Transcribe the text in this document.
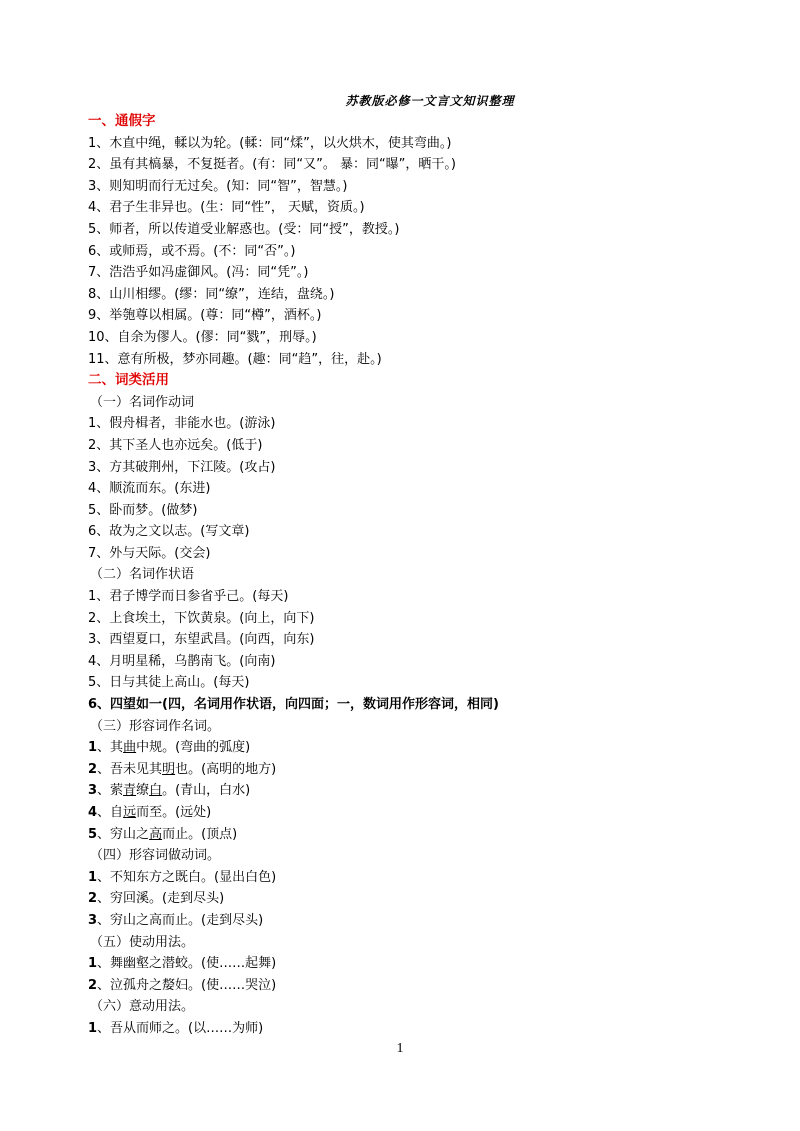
苏教版必修一文言文知识整理
一、通假字
1、木直中绳，輮以为轮。(輮：同“煣”，以火烘木，使其弯曲。)
2、虽有其槁暴，不复挺者。(有：同“又”。 暴：同“曝”，晒干。)
3、则知明而行无过矣。(知：同“智”，智慧。)
4、君子生非异也。(生：同“性”， 天赋，资质。)
5、师者，所以传道受业解惑也。(受：同“授”，教授。)
6、或师焉，或不焉。(不：同“否”。)
7、浩浩乎如冯虚御风。(冯：同“凭”。)
8、山川相缪。(缪：同“缭”，连结，盘绕。)
9、举匏尊以相属。(尊：同“樽”，酒杯。)
10、自余为僇人。(僇：同“戮”，刑辱。)
11、意有所极，梦亦同趣。(趣：同“趋”，往，赴。)
二、词类活用
（一）名词作动词
1、假舟楫者，非能水也。(游泳)
2、其下圣人也亦远矣。(低于)
3、方其破荆州，下江陵。(攻占)
4、顺流而东。(东进)
5、卧而梦。(做梦)
6、故为之文以志。(写文章)
7、外与天际。(交会)
（二）名词作状语
1、君子博学而日参省乎己。(每天)
2、上食埃土，下饮黄泉。(向上，向下)
3、西望夏口，东望武昌。(向西，向东)
4、月明星稀，乌鹊南飞。(向南)
5、日与其徒上高山。(每天)
6、四望如一(四，名词用作状语，向四面；一，数词用作形容词，相同)
（三）形容词作名词。
1、其曲中规。(弯曲的弧度)
2、吾未见其明也。(高明的地方)
3、萦青缭白。(青山，白水)
4、自远而至。(远处)
5、穷山之高而止。(顶点)
（四）形容词做动词。
1、不知东方之既白。(显出白色)
2、穷回溪。(走到尽头)
3、穷山之高而止。(走到尽头)
（五）使动用法。
1、舞幽壑之潜蛟。(使……起舞)
2、泣孤舟之嫠妇。(使……哭泣)
（六）意动用法。
1、吾从而师之。(以……为师)
1
